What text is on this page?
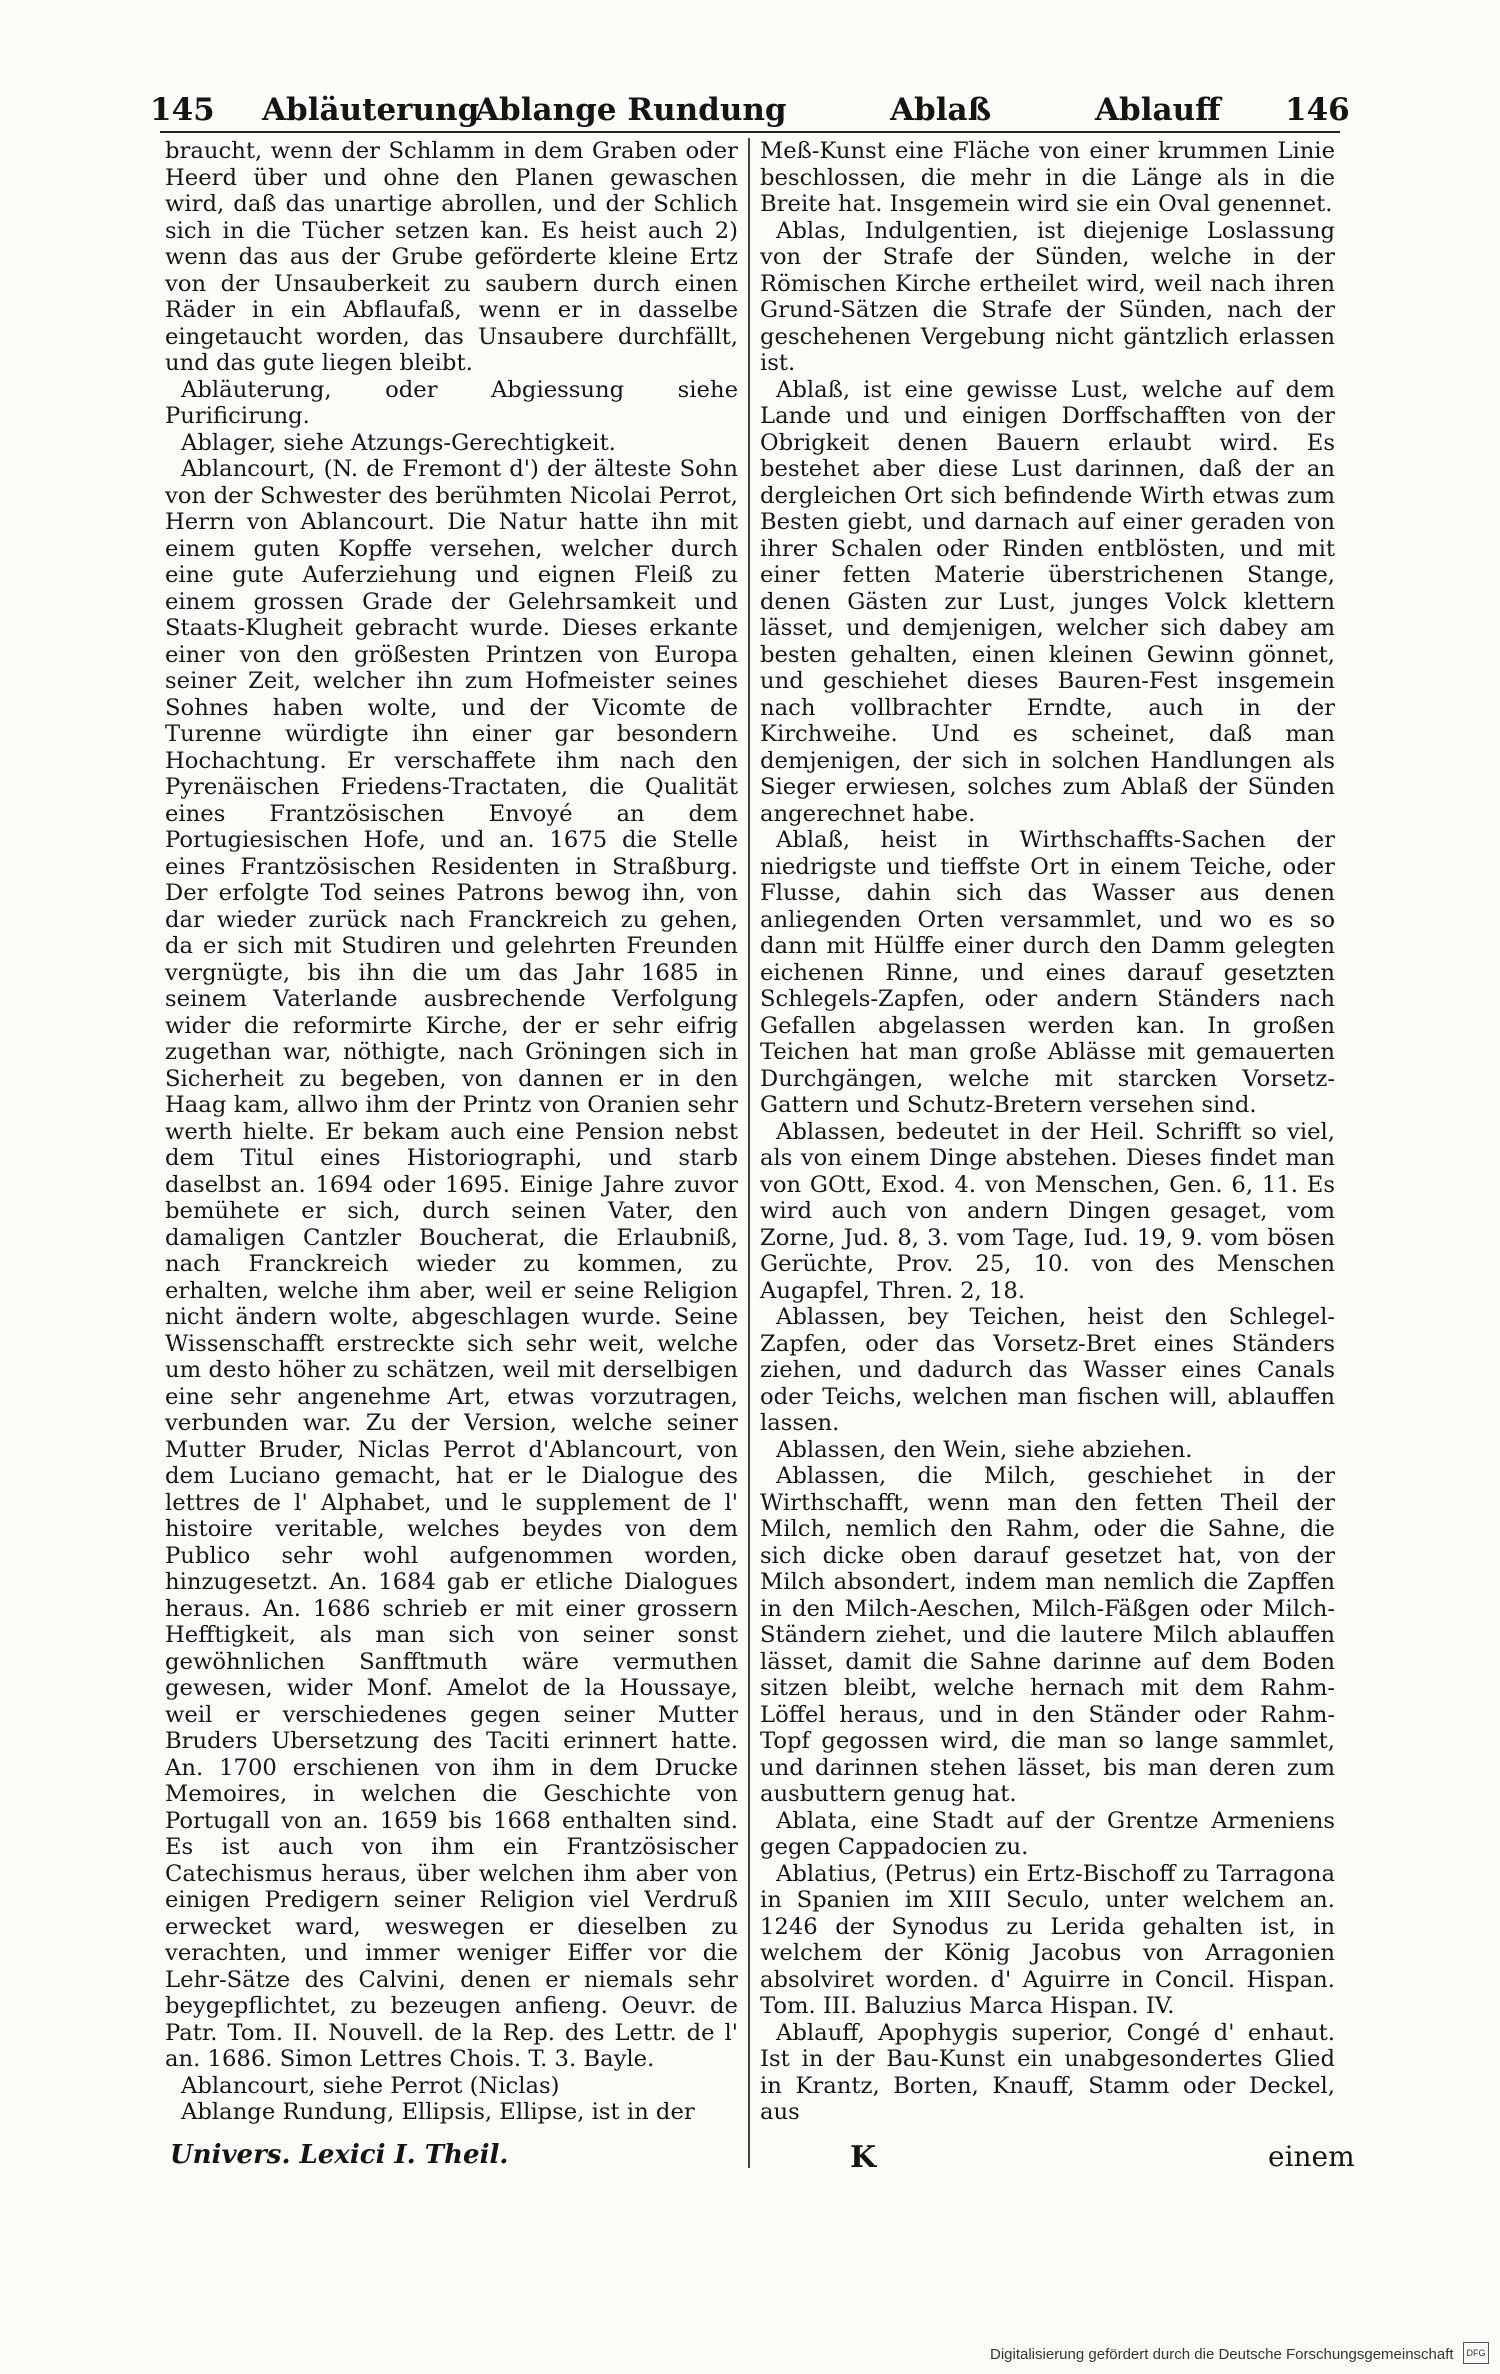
145 Abläuterung
Ablange Rundung	Ablaß	Ablauff 146

braucht, wenn der Schlamm in dem Graben oder Heerd über und ohne den Planen gewaschen wird, daß das unartige abrollen, und der Schlich sich in die Tücher setzen kan. Es heist auch 2) wenn das aus der Grube geförderte kleine Ertz von der Unsauberkeit zu saubern durch einen Räder in ein Abflaufaß, wenn er in dasselbe eingetaucht worden, das Unsaubere durchfällt, und das gute liegen bleibt.

Abläuterung, oder Abgiessung siehe Purificirung.

Ablager, siehe Atzungs-Gerechtigkeit.

Ablancourt, (N. de Fremont d') der älteste Sohn von der Schwester des berühmten Nicolai Perrot, Herrn von Ablancourt. Die Natur hatte ihn mit einem guten Kopffe versehen, welcher durch eine gute Auferziehung und eignen Fleiß zu einem grossen Grade der Gelehrsamkeit und Staats-Klugheit gebracht wurde. Dieses erkante einer von den größesten Printzen von Europa seiner Zeit, welcher ihn zum Hofmeister seines Sohnes haben wolte, und der Vicomte de Turenne würdigte ihn einer gar besondern Hochachtung. Er verschaffete ihm nach den Pyrenäischen Friedens-Tractaten, die Qualität eines Frantzösischen Envoyé an dem Portugiesischen Hofe, und an. 1675 die Stelle eines Frantzösischen Residenten in Straßburg. Der erfolgte Tod seines Patrons bewog ihn, von dar wieder zurück nach Franckreich zu gehen, da er sich mit Studiren und gelehrten Freunden vergnügte, bis ihn die um das Jahr 1685 in seinem Vaterlande ausbrechende Verfolgung wider die reformirte Kirche, der er sehr eifrig zugethan war, nöthigte, nach Gröningen sich in Sicherheit zu begeben, von dannen er in den Haag kam, allwo ihm der Printz von Oranien sehr werth hielte. Er bekam auch eine Pension nebst dem Titul eines Historiographi, und starb daselbst an. 1694 oder 1695. Einige Jahre zuvor bemühete er sich, durch seinen Vater, den damaligen Cantzler Boucherat, die Erlaubniß, nach Franckreich wieder zu kommen, zu erhalten, welche ihm aber, weil er seine Religion nicht ändern wolte, abgeschlagen wurde. Seine Wissenschafft erstreckte sich sehr weit, welche um desto höher zu schätzen, weil mit derselbigen eine sehr angenehme Art, etwas vorzutragen, verbunden war. Zu der Version, welche seiner Mutter Bruder, Niclas Perrot d'Ablancourt, von dem Luciano gemacht, hat er le Dialogue des lettres de l' Alphabet, und le supplement de l' histoire veritable, welches beydes von dem Publico sehr wohl aufgenommen worden, hinzugesetzt. An. 1684 gab er etliche Dialogues heraus. An. 1686 schrieb er mit einer grossern Hefftigkeit, als man sich von seiner sonst gewöhnlichen Sanfftmuth wäre vermuthen gewesen, wider Monf. Amelot de la Houssaye, weil er verschiedenes gegen seiner Mutter Bruders Ubersetzung des Taciti erinnert hatte. An. 1700 erschienen von ihm in dem Drucke Memoires, in welchen die Geschichte von Portugall von an. 1659 bis 1668 enthalten sind. Es ist auch von ihm ein Frantzösischer Catechismus heraus, über welchen ihm aber von einigen Predigern seiner Religion viel Verdruß erwecket ward, weswegen er dieselben zu verachten, und immer weniger Eiffer vor die Lehr-Sätze des Calvini, denen er niemals sehr beygepflichtet, zu bezeugen anfieng. Oeuvr. de Patr. Tom. II. Nouvell. de la Rep. des Lettr. de l' an. 1686. Simon Lettres Chois. T. 3. Bayle.

Ablancourt, siehe Perrot (Niclas)

Ablange Rundung, Ellipsis, Ellipse, ist in der

Meß-Kunst eine Fläche von einer krummen Linie beschlossen, die mehr in die Länge als in die Breite hat. Insgemein wird sie ein Oval genennet.

Ablas, Indulgentien, ist diejenige Loslassung von der Strafe der Sünden, welche in der Römischen Kirche ertheilet wird, weil nach ihren Grund-Sätzen die Strafe der Sünden, nach der geschehenen Vergebung nicht gäntzlich erlassen ist.

Ablaß, ist eine gewisse Lust, welche auf dem Lande und und einigen Dorffschafften von der Obrigkeit denen Bauern erlaubt wird. Es bestehet aber diese Lust darinnen, daß der an dergleichen Ort sich befindende Wirth etwas zum Besten giebt, und darnach auf einer geraden von ihrer Schalen oder Rinden entblösten, und mit einer fetten Materie überstrichenen Stange, denen Gästen zur Lust, junges Volck klettern lässet, und demjenigen, welcher sich dabey am besten gehalten, einen kleinen Gewinn gönnet, und geschiehet dieses Bauren-Fest insgemein nach vollbrachter Erndte, auch in der Kirchweihe. Und es scheinet, daß man demjenigen, der sich in solchen Handlungen als Sieger erwiesen, solches zum Ablaß der Sünden angerechnet habe.

Ablaß, heist in Wirthschaffts-Sachen der niedrigste und tieffste Ort in einem Teiche, oder Flusse, dahin sich das Wasser aus denen anliegenden Orten versammlet, und wo es so dann mit Hülffe einer durch den Damm gelegten eichenen Rinne, und eines darauf gesetzten Schlegels-Zapfen, oder andern Ständers nach Gefallen abgelassen werden kan. In großen Teichen hat man große Ablässe mit gemauerten Durchgängen, welche mit starcken Vorsetz-Gattern und Schutz-Bretern versehen sind.

Ablassen, bedeutet in der Heil. Schrifft so viel, als von einem Dinge abstehen. Dieses findet man von GOtt, Exod. 4. von Menschen, Gen. 6, 11. Es wird auch von andern Dingen gesaget, vom Zorne, Jud. 8, 3. vom Tage, Iud. 19, 9. vom bösen Gerüchte, Prov. 25, 10. von des Menschen Augapfel, Thren. 2, 18.

Ablassen, bey Teichen, heist den Schlegel-Zapfen, oder das Vorsetz-Bret eines Ständers ziehen, und dadurch das Wasser eines Canals oder Teichs, welchen man fischen will, ablauffen lassen.

Ablassen, den Wein, siehe abziehen.

Ablassen, die Milch, geschiehet in der Wirthschafft, wenn man den fetten Theil der Milch, nemlich den Rahm, oder die Sahne, die sich dicke oben darauf gesetzet hat, von der Milch absondert, indem man nemlich die Zapffen in den Milch-Aeschen, Milch-Fäßgen oder Milch-Ständern ziehet, und die lautere Milch ablauffen lässet, damit die Sahne darinne auf dem Boden sitzen bleibt, welche hernach mit dem Rahm-Löffel heraus, und in den Ständer oder Rahm-Topf gegossen wird, die man so lange sammlet, und darinnen stehen lässet, bis man deren zum ausbuttern genug hat.

Ablata, eine Stadt auf der Grentze Armeniens gegen Cappadocien zu.

Ablatius, (Petrus) ein Ertz-Bischoff zu Tarragona in Spanien im XIII Seculo, unter welchem an. 1246 der Synodus zu Lerida gehalten ist, in welchem der König Jacobus von Arragonien absolviret worden. d' Aguirre in Concil. Hispan. Tom. III. Baluzius Marca Hispan. IV.

Ablauff, Apophygis superior, Congé d' enhaut. Ist in der Bau-Kunst ein unabgesondertes Glied in Krantz, Borten, Knauff, Stamm oder Deckel, aus

Univers. Lexici I. Theil.	K	einem
Digitalisierung gefördert durch die Deutsche Forschungsgemeinschaft	DFG
